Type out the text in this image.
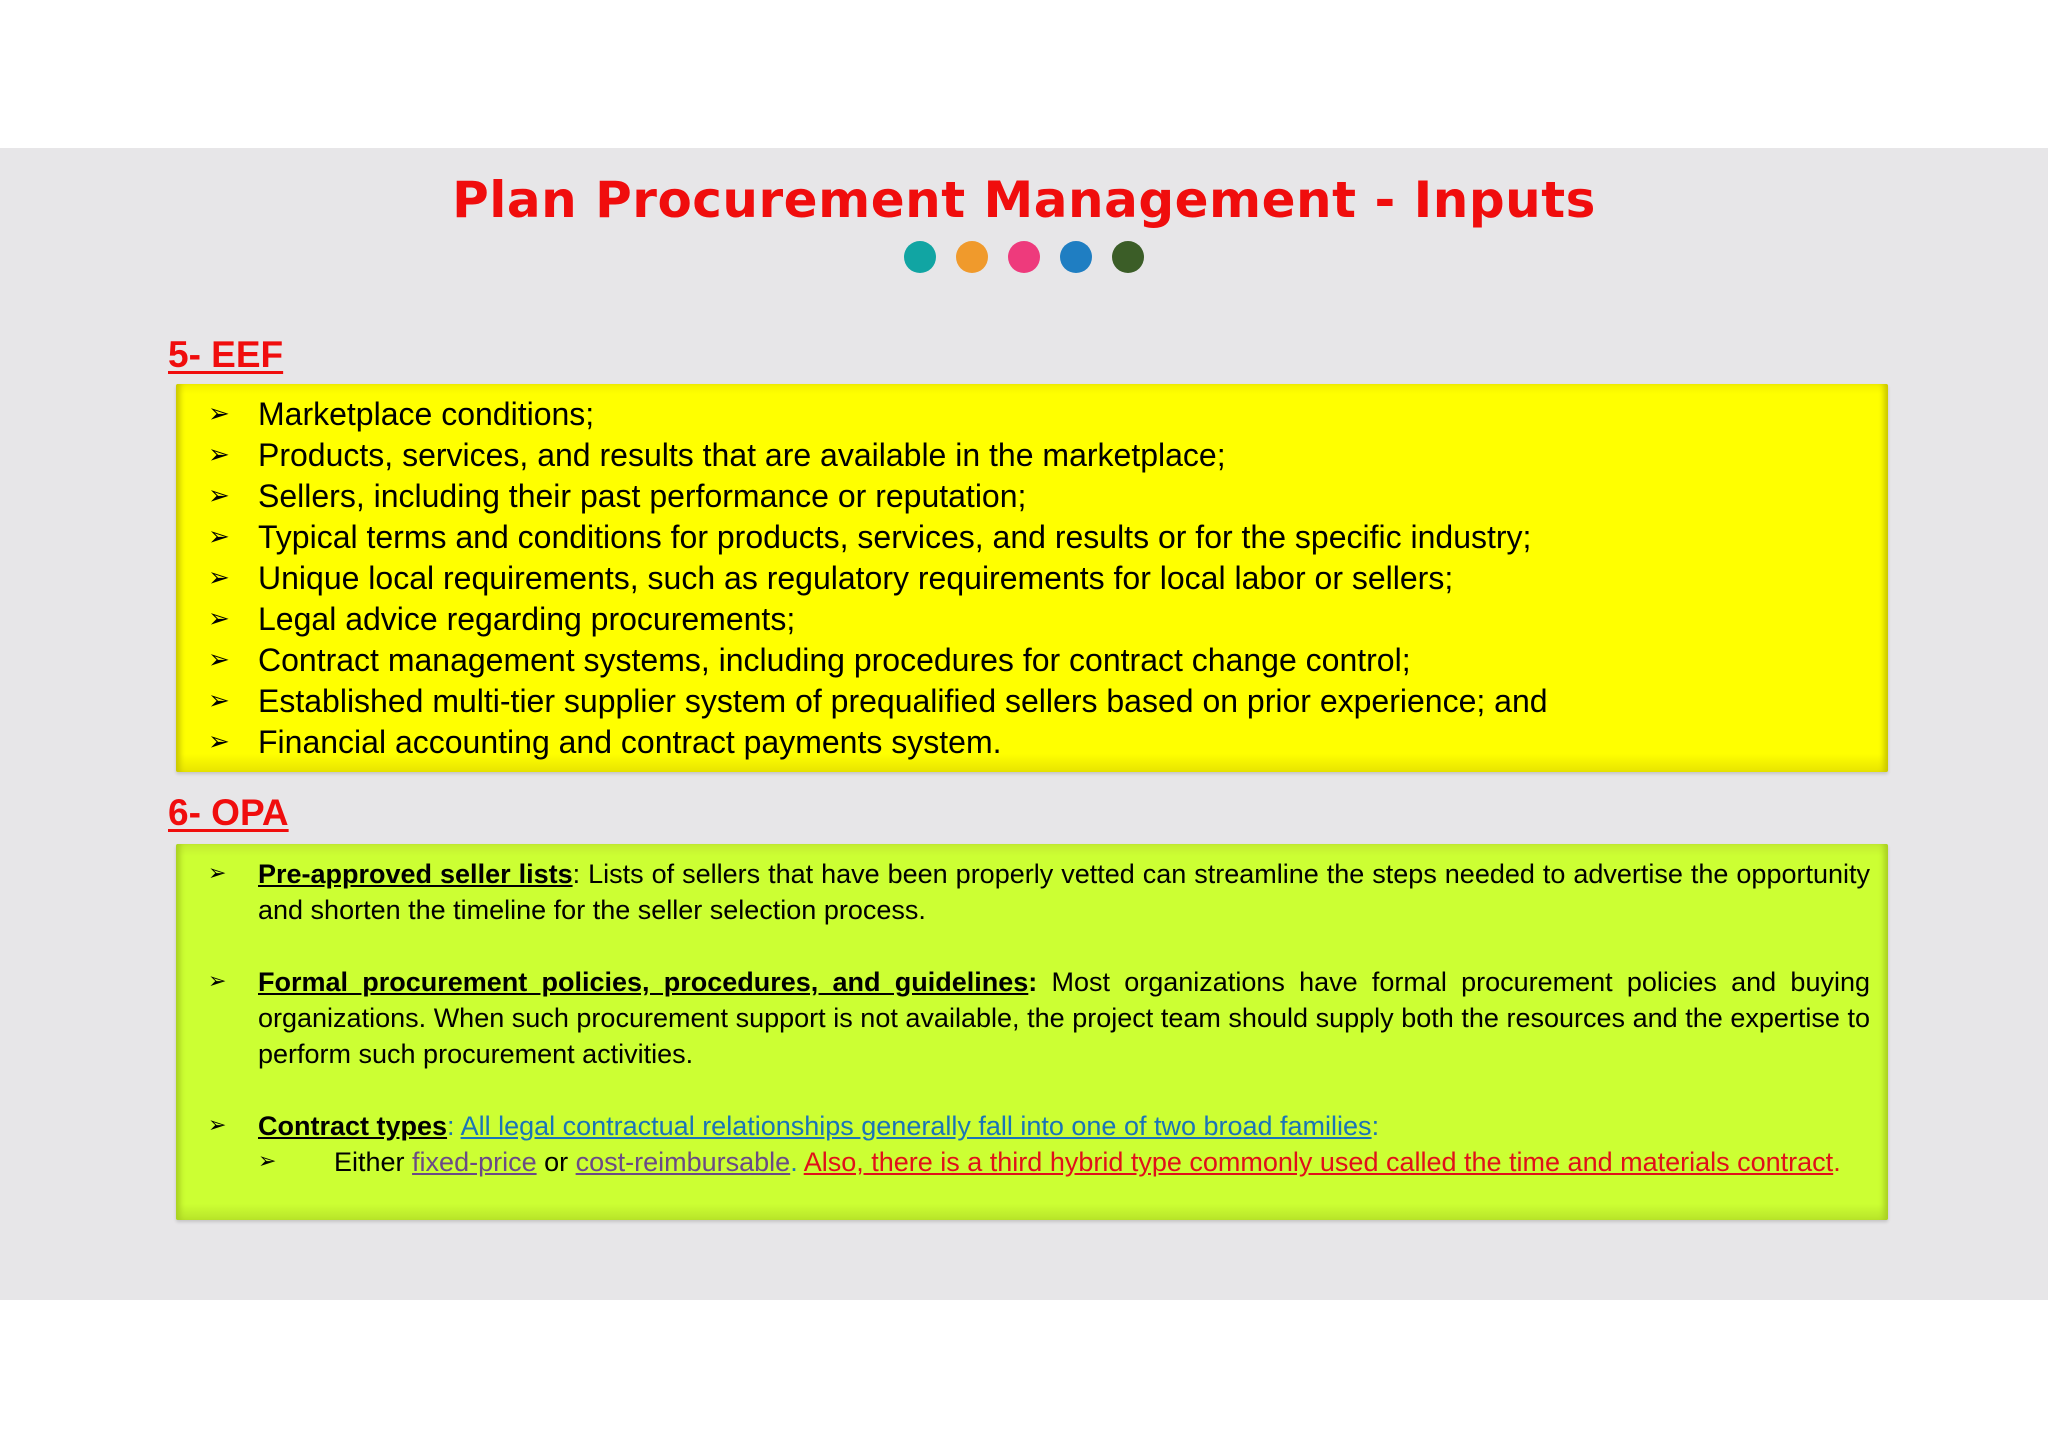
Plan Procurement Management - Inputs
5- EEF
➢ Marketplace conditions;
➢ Products, services, and results that are available in the marketplace;
➢ Sellers, including their past performance or reputation;
➢ Typical terms and conditions for products, services, and results or for the specific industry;
➢ Unique local requirements, such as regulatory requirements for local labor or sellers;
➢ Legal advice regarding procurements;
➢ Contract management systems, including procedures for contract change control;
➢ Established multi-tier supplier system of prequalified sellers based on prior experience; and
➢ Financial accounting and contract payments system.
6- OPA
➢ Pre-approved seller lists: Lists of sellers that have been properly vetted can streamline the steps needed to advertise the opportunity and shorten the timeline for the seller selection process.
➢ Formal procurement policies, procedures, and guidelines: Most organizations have formal procurement policies and buying organizations. When such procurement support is not available, the project team should supply both the resources and the expertise to perform such procurement activities.
➢ Contract types: All legal contractual relationships generally fall into one of two broad families:
➢ Either fixed-price or cost-reimbursable. Also, there is a third hybrid type commonly used called the time and materials contract.
